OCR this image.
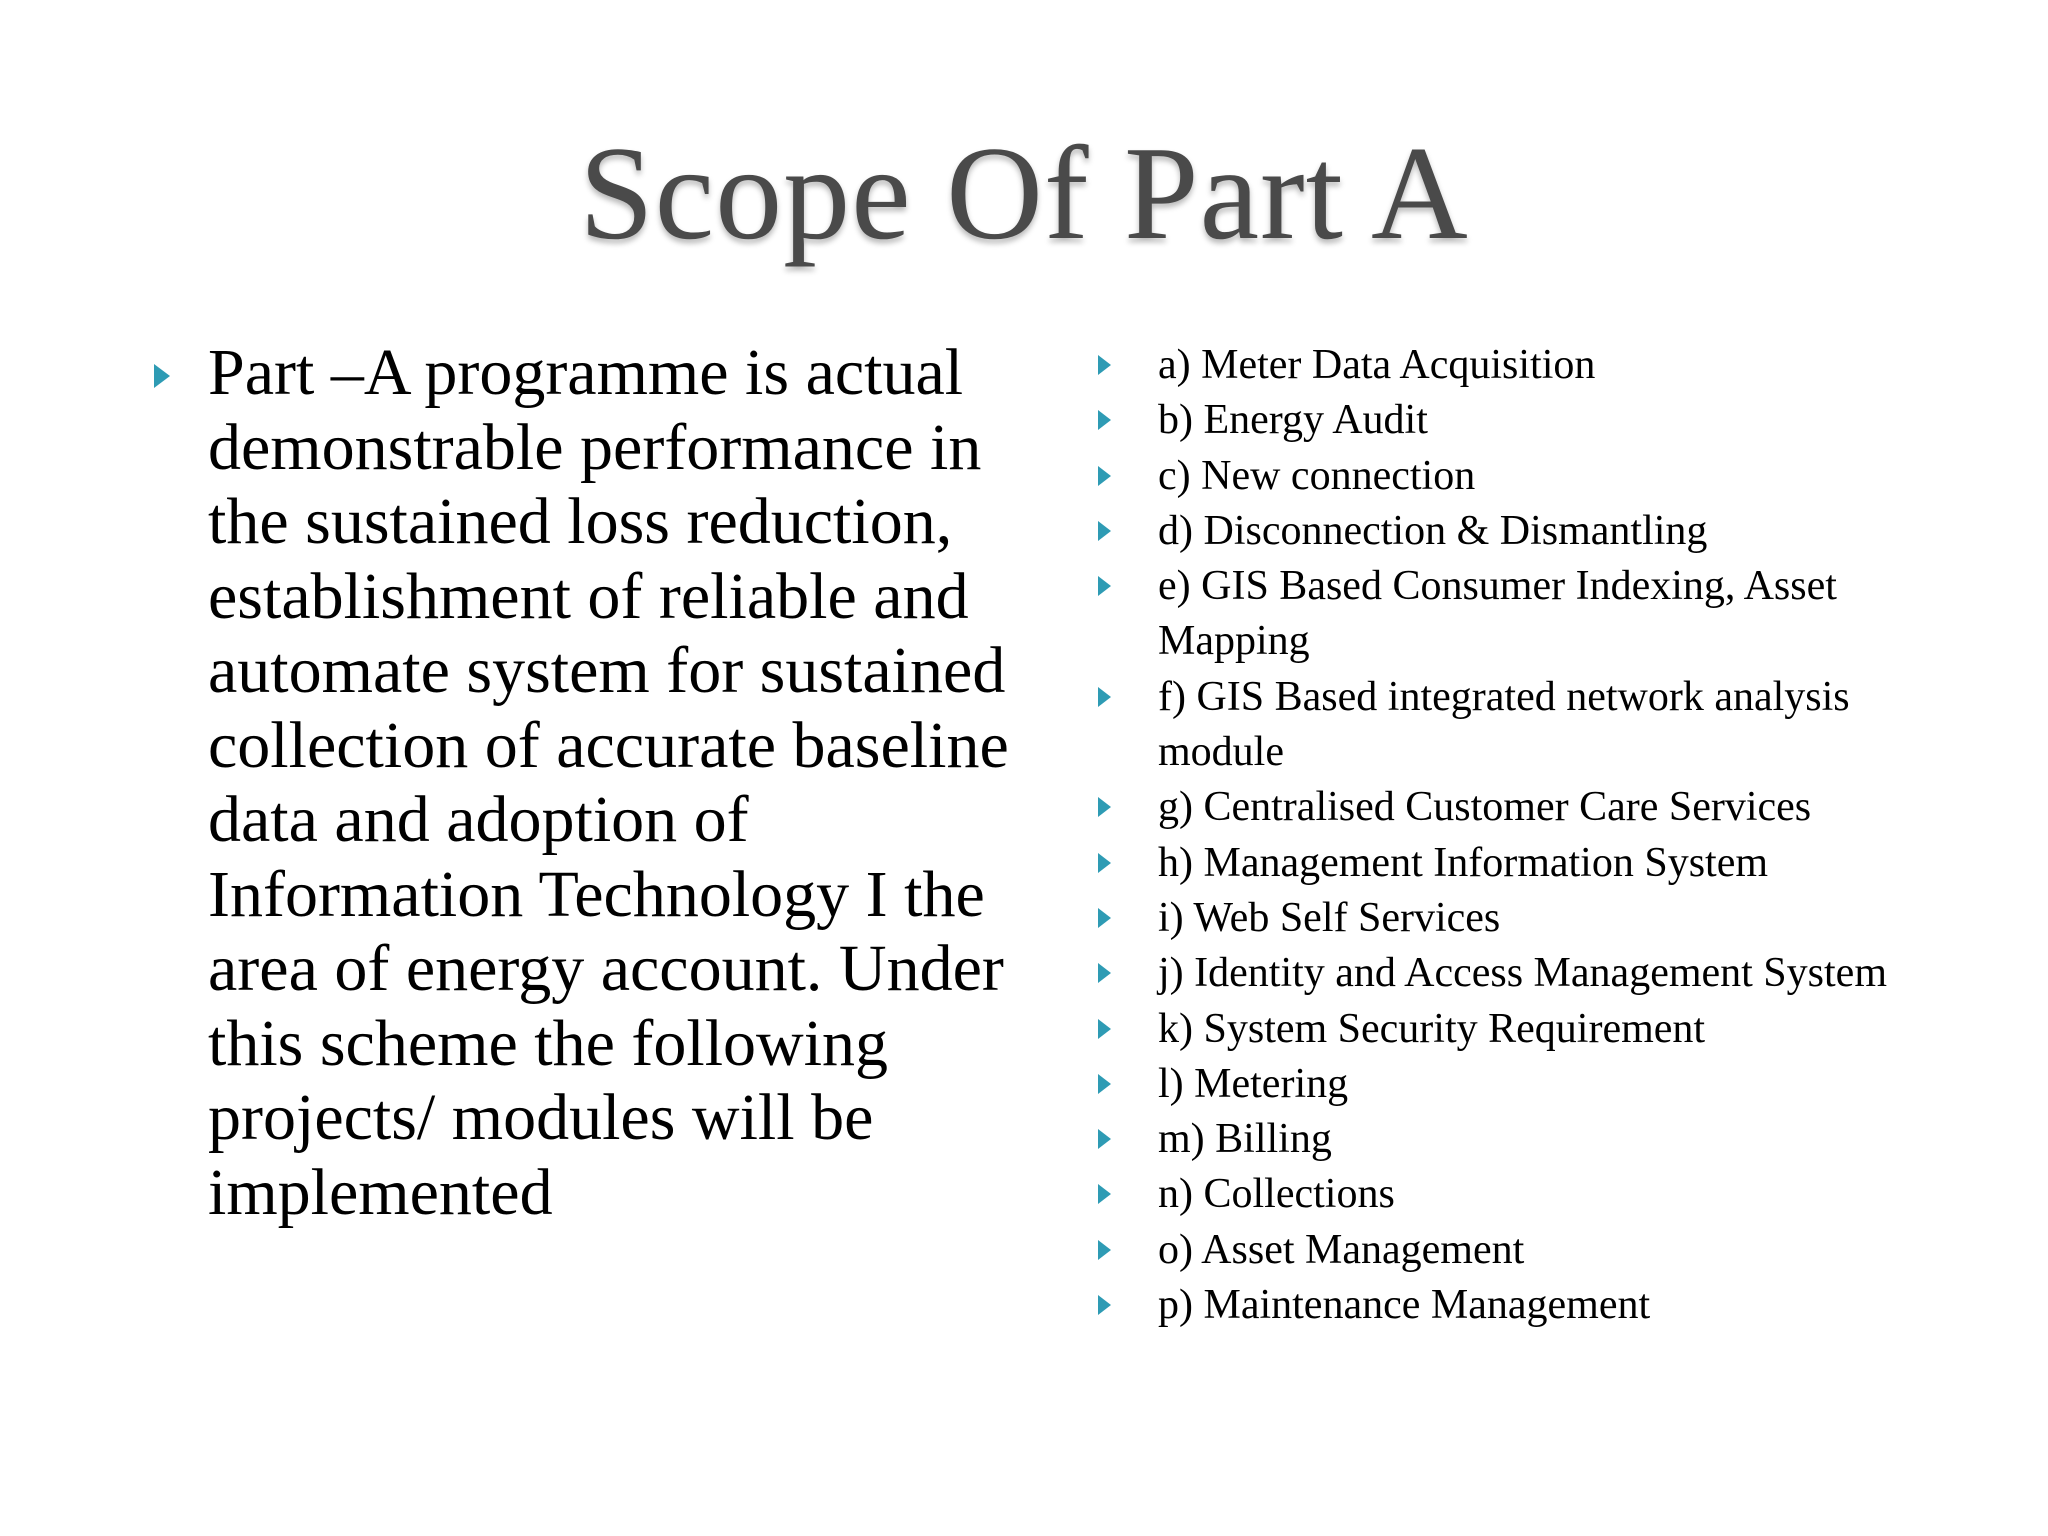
Scope Of Part A
Part –A programme is actual demonstrable performance in the sustained loss reduction, establishment of reliable and automate system for sustained collection of accurate baseline data and adoption of Information Technology I the area of energy account. Under this scheme the following projects/ modules will be implemented
a) Meter Data Acquisition
b) Energy Audit
c) New connection
d) Disconnection & Dismantling
e) GIS Based Consumer Indexing, Asset Mapping
f) GIS Based integrated network analysis module
g) Centralised Customer Care Services
h) Management Information System
i) Web Self Services
j) Identity and Access Management System
k) System Security Requirement
l) Metering
m) Billing
n) Collections
o) Asset Management
p) Maintenance Management
